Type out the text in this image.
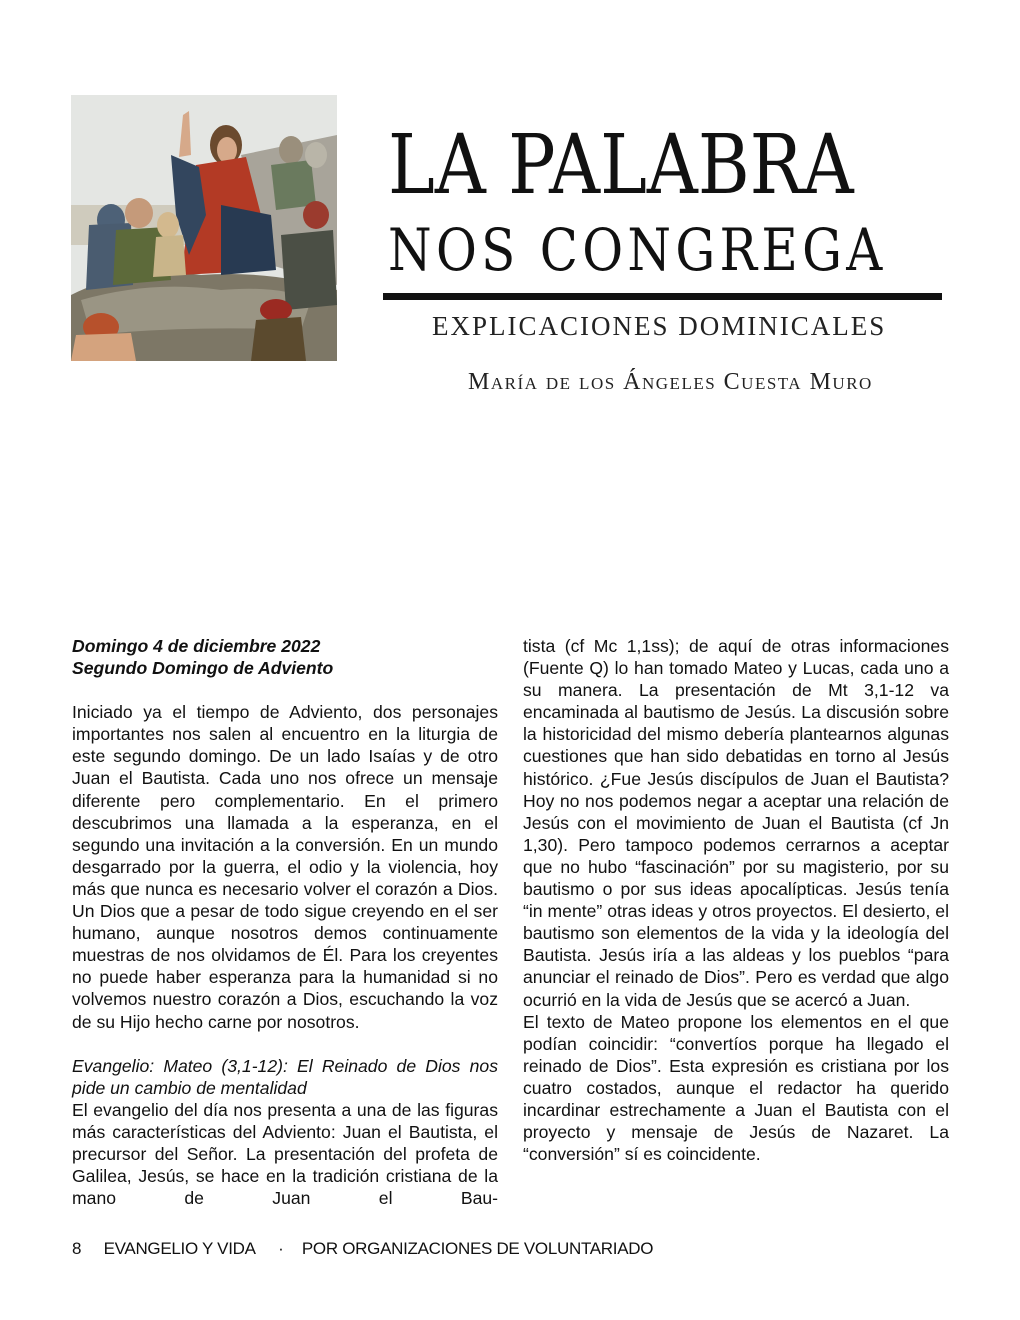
LA PALABRA
NOS CONGREGA
EXPLICACIONES DOMINICALES
María de los Ángeles Cuesta Muro

Domingo 4 de diciembre 2022

Segundo Domingo de Adviento

Iniciado ya el tiempo de Adviento, dos personajes importantes nos salen al encuentro en la liturgia de este segundo domingo. De un lado Isaías y de otro Juan el Bautista. Cada uno nos ofrece un mensaje diferente pero complementario. En el primero descubrimos una llamada a la esperanza, en el segundo una invitación a la conversión. En un mundo desgarrado por la guerra, el odio y la violencia, hoy más que nunca es necesario volver el corazón a Dios. Un Dios que a pesar de todo sigue creyendo en el ser humano, aunque nosotros demos continuamente muestras de nos olvidamos de Él. Para los creyentes no puede haber esperanza para la humanidad si no volvemos nuestro corazón a Dios, escuchando la voz de su Hijo hecho carne por nosotros.

Evangelio: Mateo (3,1-12): El Reinado de Dios nos pide un cambio de mentalidad

El evangelio del día nos presenta a una de las figuras más características del Adviento: Juan el Bautista, el precursor del Señor. La presentación del profeta de Galilea, Jesús, se hace en la tradición cristiana de la mano de Juan el Bau-

tista (cf Mc 1,1ss); de aquí de otras informaciones (Fuente Q) lo han tomado Mateo y Lucas, cada uno a su manera. La presentación de Mt 3,1-12 va encaminada al bautismo de Jesús. La discusión sobre la historicidad del mismo debería plantearnos algunas cuestiones que han sido debatidas en torno al Jesús histórico. ¿Fue Jesús discípulos de Juan el Bautista? Hoy no nos podemos negar a aceptar una relación de Jesús con el movimiento de Juan el Bautista (cf Jn 1,30). Pero tampoco podemos cerrarnos a aceptar que no hubo “fascinación” por su magisterio, por su bautismo o por sus ideas apocalípticas. Jesús tenía “in mente” otras ideas y otros proyectos. El desierto, el bautismo son elementos de la vida y la ideología del Bautista. Jesús iría a las aldeas y los pueblos “para anunciar el reinado de Dios”. Pero es verdad que algo ocurrió en la vida de Jesús que se acercó a Juan.

El texto de Mateo propone los elementos en el que podían coincidir: “convertíos porque ha llegado el reinado de Dios”. Esta expresión es cristiana por los cuatro costados, aunque el redactor ha querido incardinar estrechamente a Juan el Bautista con el proyecto y mensaje de Jesús de Nazaret. La “conversión” sí es coincidente.

8 EVANGELIO Y VIDA · POR ORGANIZACIONES DE VOLUNTARIADO
